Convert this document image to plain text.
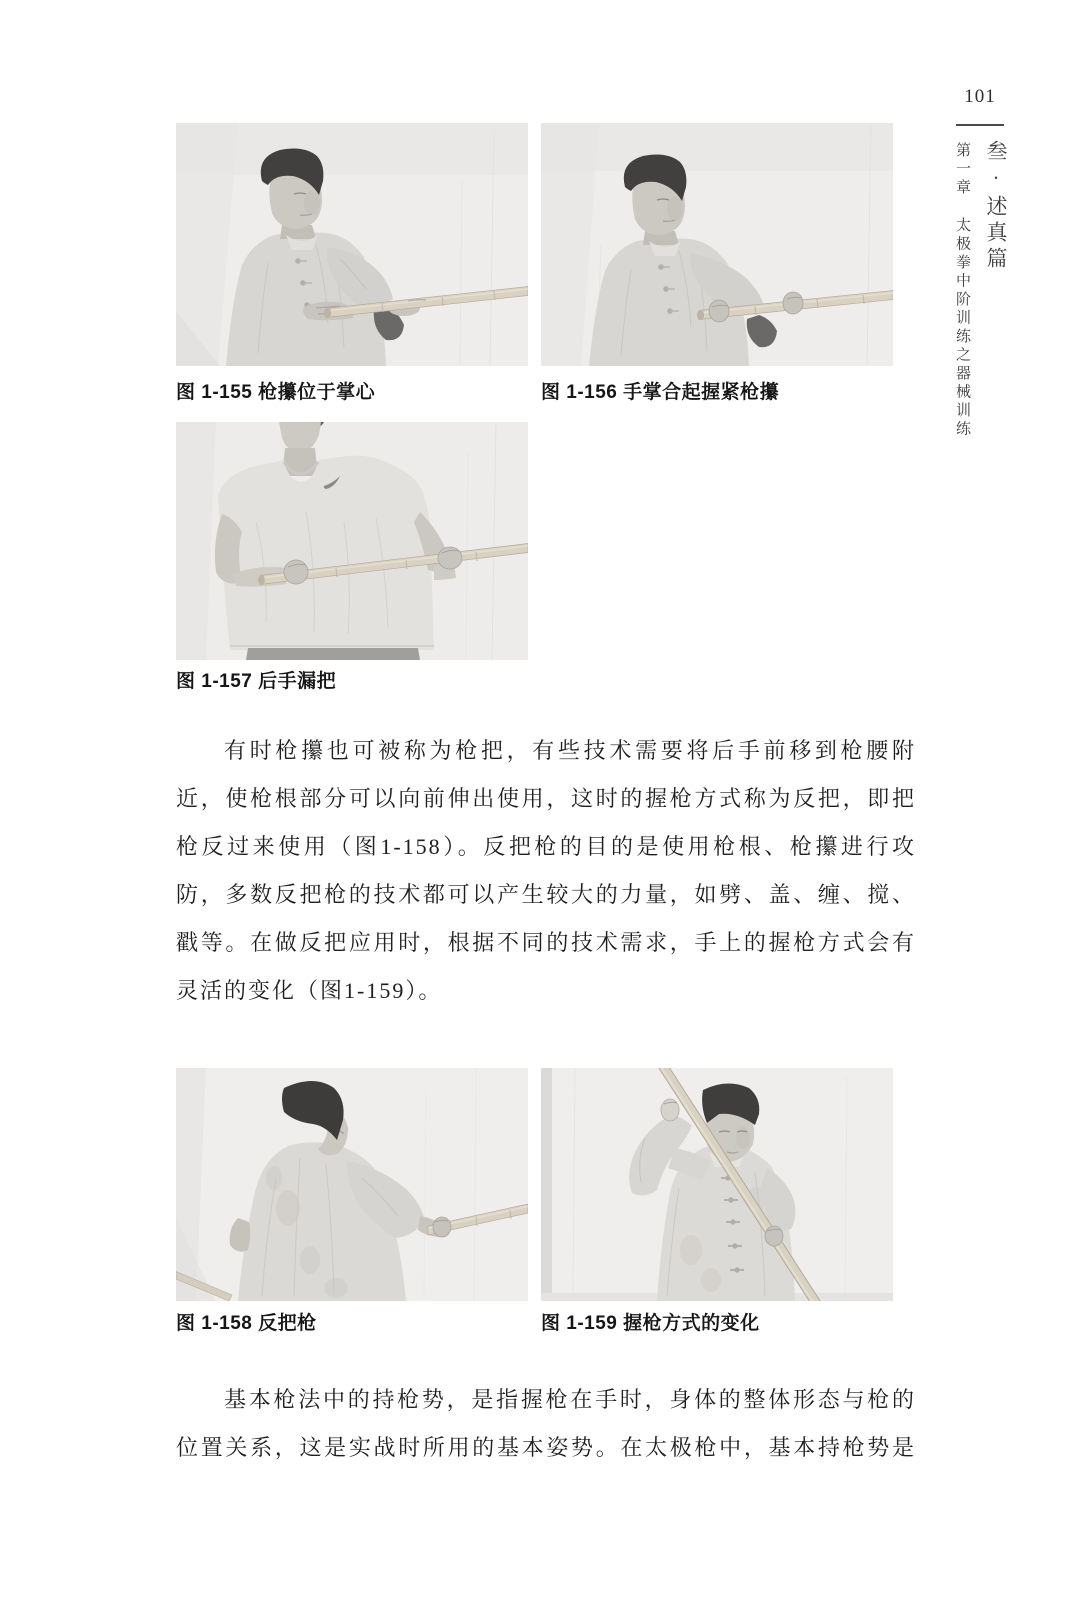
101
叁·述真篇
第一章 太极拳中阶训练之器械训练
图 1-155 枪攥位于掌心	图 1-156 手掌合起握紧枪攥
图 1-157 后手漏把
有时枪攥也可被称为枪把，有些技术需要将后手前移到枪腰附
近，使枪根部分可以向前伸出使用，这时的握枪方式称为反把，即把
枪反过来使用（图1-158）。反把枪的目的是使用枪根、枪攥进行攻
防，多数反把枪的技术都可以产生较大的力量，如劈、盖、缠、搅、
戳等。在做反把应用时，根据不同的技术需求，手上的握枪方式会有
灵活的变化（图1-159）。
图 1-158 反把枪	图 1-159 握枪方式的变化
基本枪法中的持枪势，是指握枪在手时，身体的整体形态与枪的
位置关系，这是实战时所用的基本姿势。在太极枪中，基本持枪势是
